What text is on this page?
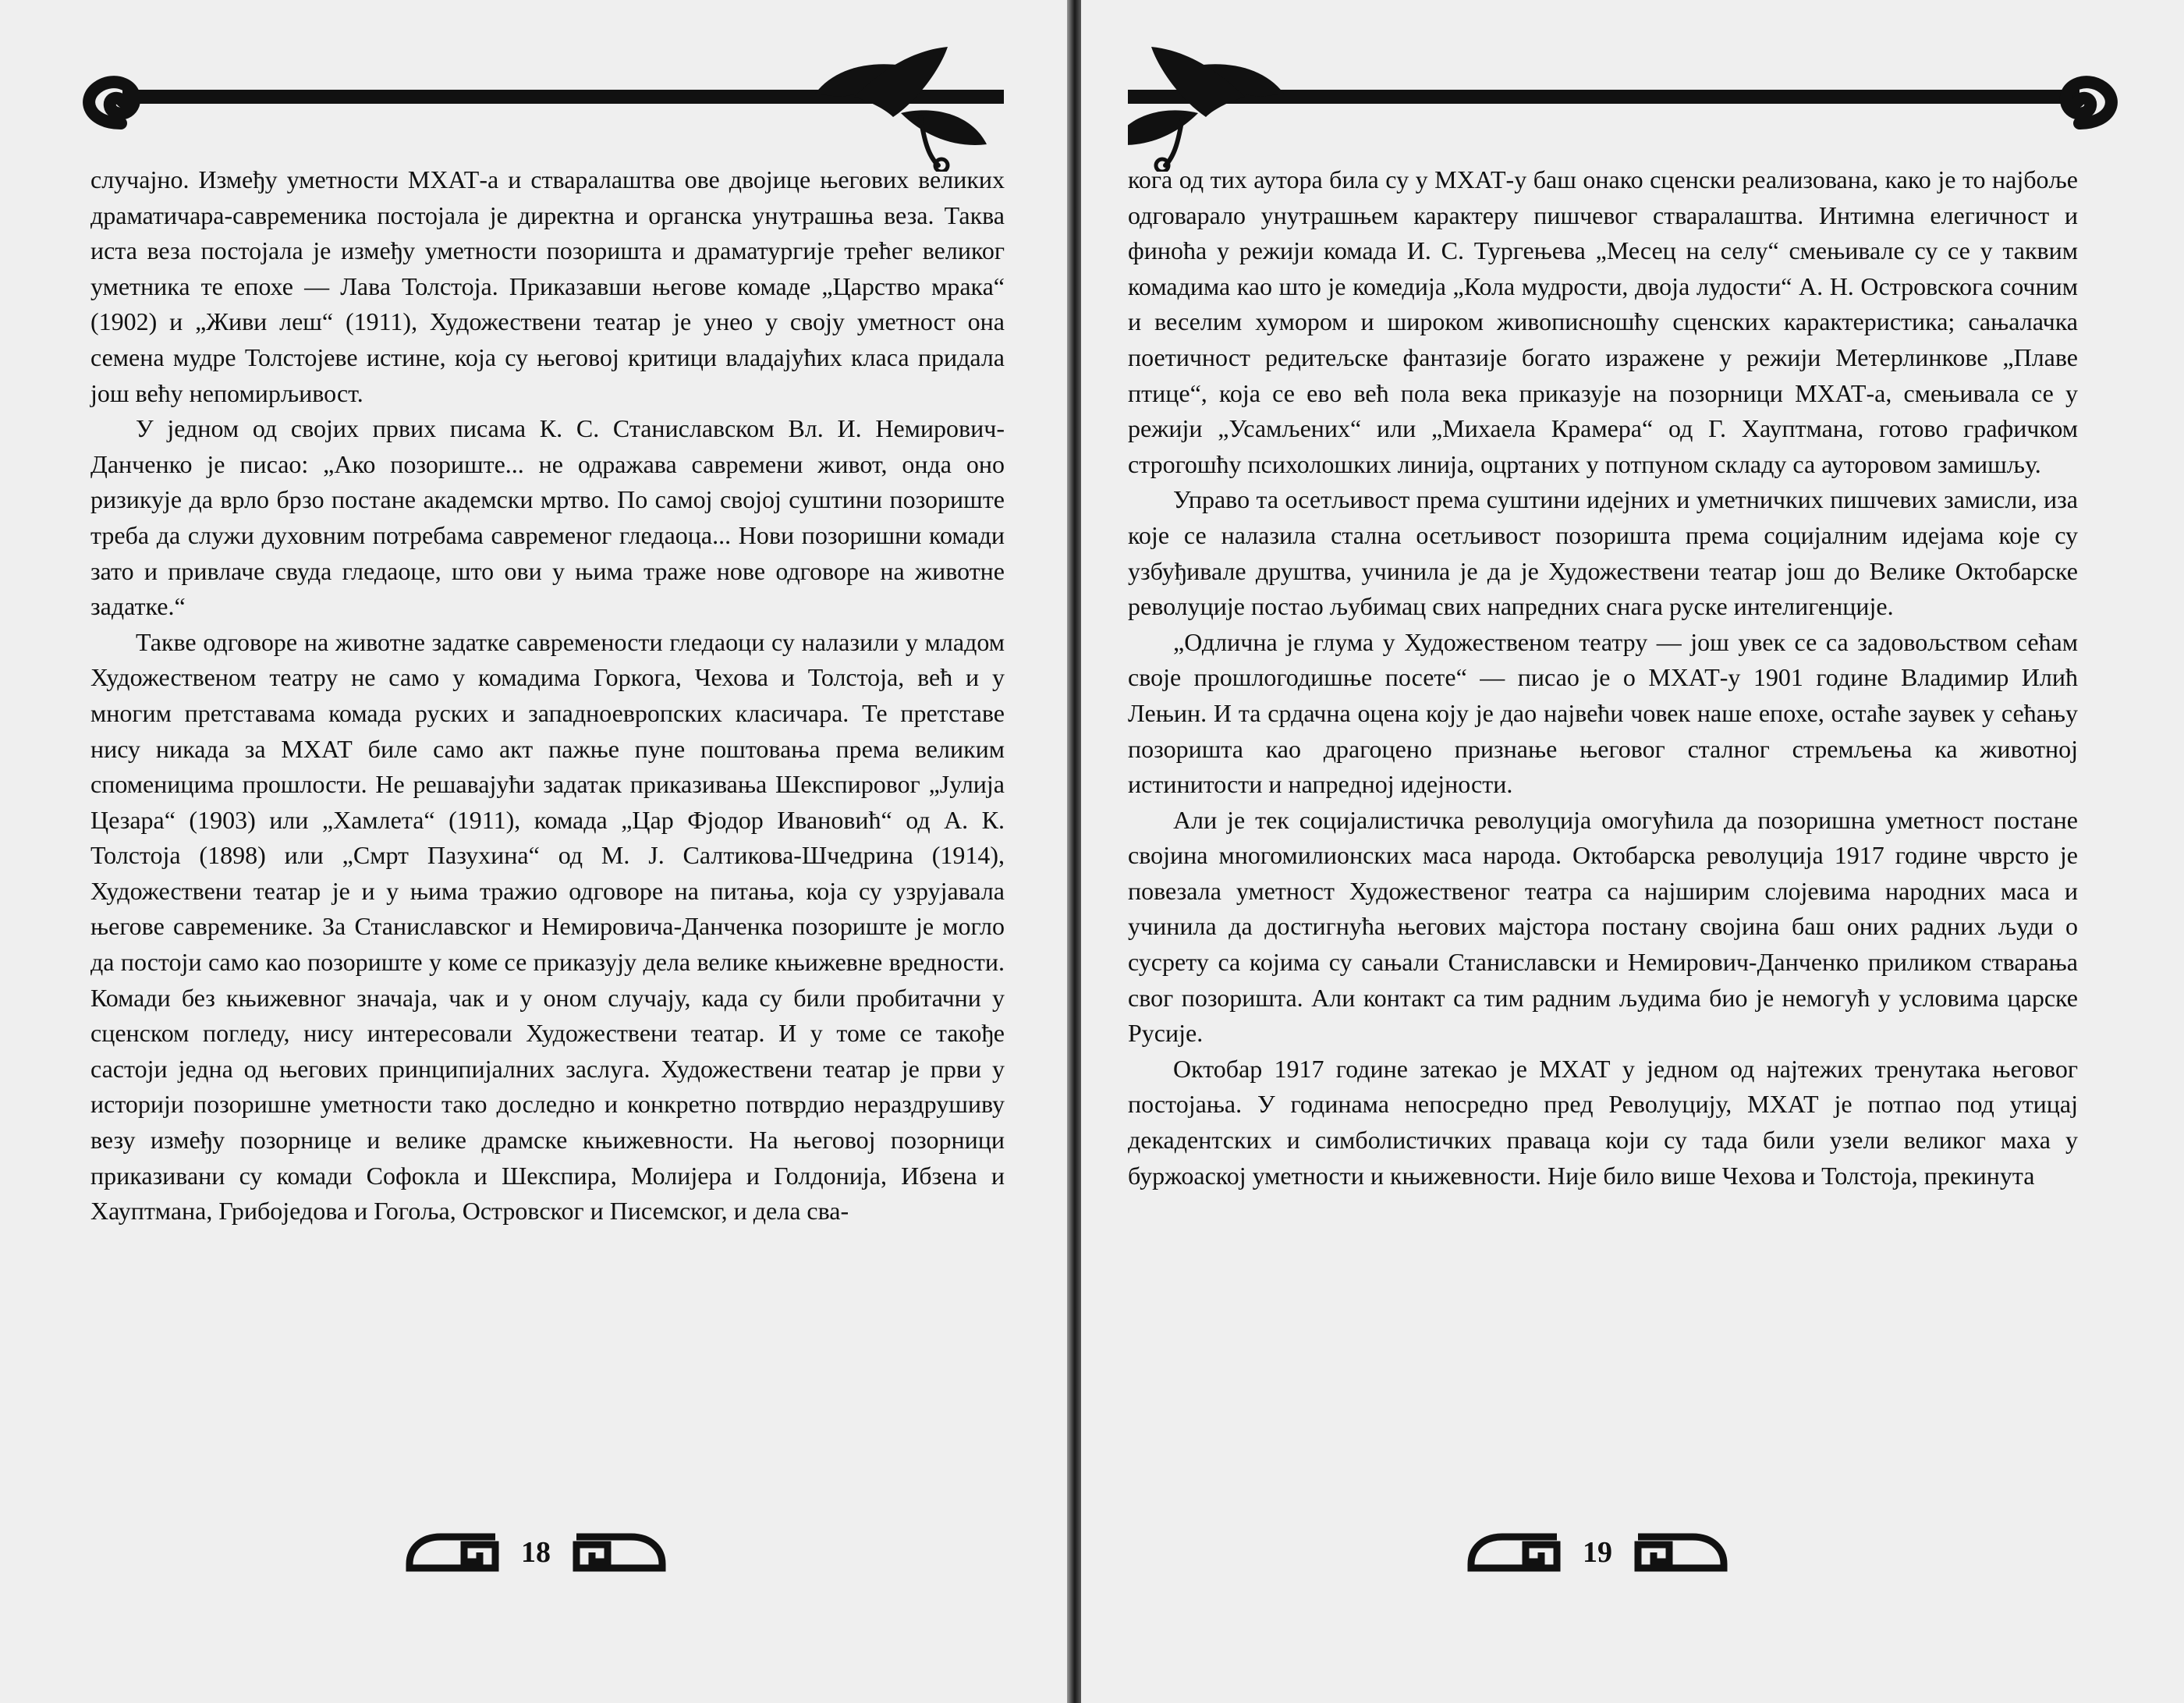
случајно. Између уметности МХАТ-а и стваралаштва ове двојице његових великих драматичара-савременика постојала је директна и органска унутрашња веза. Таква иста веза постојала је између уметности позоришта и драматургије трећег великог уметника те епохе — Лава Толстоја. Приказавши његове комаде „Царство мрака“ (1902) и „Живи леш“ (1911), Художествени театар је унео у своју уметност она семена мудре Толстојеве истине, која су његовој критици владајућих класа придала још већу непомирљивост.

У једном од својих првих писама К. С. Станиславском Вл. И. Немирович-Данченко је писао: „Ако позориште... не одражава савремени живот, онда оно ризикује да врло брзо постане академски мртво. По самој својој суштини позориште треба да служи духовним потребама савременог гледаоца... Нови позоришни комади зато и привлаче свуда гледаоце, што ови у њима траже нове одговоре на животне задатке.“

Такве одговоре на животне задатке савремености гледаоци су налазили у младом Художественом театру не само у комадима Горкога, Чехова и Толстоја, већ и у многим претставама комада руских и западноевропских класичара. Те претставе нису никада за МХАТ биле само акт пажње пуне поштовања према великим споменицима прошлости. Не решавајући задатак приказивања Шекспировог „Јулија Цезара“ (1903) или „Хамлета“ (1911), комада „Цар Фјодор Ивановић“ од А. К. Толстоја (1898) или „Смрт Пазухина“ од М. Ј. Салтикова-Шчедрина (1914), Художествени театар је и у њима тражио одговоре на питања, која су узрујавала његове савременике. За Станиславског и Немировича-Данченка позориште је могло да постоји само као позориште у коме се приказују дела велике књижевне вредности. Комади без књижевног значаја, чак и у оном случају, када су били пробитачни у сценском погледу, нису интересовали Художествени театар. И у томе се такође састоји једна од његових принципијалних заслуга. Художествени театар је први у историји позоришне уметности тако доследно и конкретно потврдио нераздрушиву везу између позорнице и велике драмске књижевности. На његовој позорници приказивани су комади Софокла и Шекспира, Молијера и Голдонија, Ибзена и Хауптмана, Грибоједова и Гогоља, Островског и Писемског, и дела сва-

18

кога од тих аутора била су у МХАТ-у баш онако сценски реализована, како је то најбоље одговарало унутрашњем карактеру пишчевог стваралаштва. Интимна елегичност и финоћа у режији комада И. С. Тургењева „Месец на селу“ смењивале су се у таквим комадима као што је комедија „Кола мудрости, двоја лудости“ А. Н. Островскога сочним и веселим хумором и широком живописношћу сценских карактеристика; сањалачка поетичност редитељске фантазије богато изражене у режији Метерлинкове „Плаве птице“, која се ево већ пола века приказује на позорници МХАТ-а, смењивала се у режији „Усамљених“ или „Михаела Крамера“ од Г. Хауптмана, готово графичком строгошћу психолошких линија, оцртаних у потпуном складу са ауторовом замишљу.

Управо та осетљивост према суштини идејних и уметничких пишчевих замисли, иза које се налазила стална осетљивост позоришта према социјалним идејама које су узбуђивале друштва, учинила је да је Художествени театар још до Велике Октобарске револуције постао љубимац свих напредних снага руске интелигенције.

„Одлична је глума у Художественом театру — још увек се са задовољством сећам своје прошлогодишње посете“ — писао је о МХАТ-у 1901 године Владимир Илић Лењин. И та срдачна оцена коју је дао највећи човек наше епохе, остаће заувек у сећању позоришта као драгоцено признање његовог сталног стремљења ка животној истинитости и напредној идејности.

Али је тек социјалистичка револуција омогућила да позоришна уметност постане својина многомилионских маса народа. Октобарска револуција 1917 године чврсто је повезала уметност Художественог театра са најширим слојевима народних маса и учинила да достигнућа његових мајстора постану својина баш оних радних људи о сусрету са којима су сањали Станиславски и Немирович-Данченко приликом стварања свог позоришта. Али контакт са тим радним људима био је немогућ у условима царске Русије.

Октобар 1917 године затекао је МХАТ у једном од најтежих тренутака његовог постојања. У годинама непосредно пред Револуцију, МХАТ је потпао под утицај декадентских и симболистичких праваца који су тада били узели великог маха у буржоаској уметности и књижевности. Није било више Чехова и Толстоја, прекинута

19
